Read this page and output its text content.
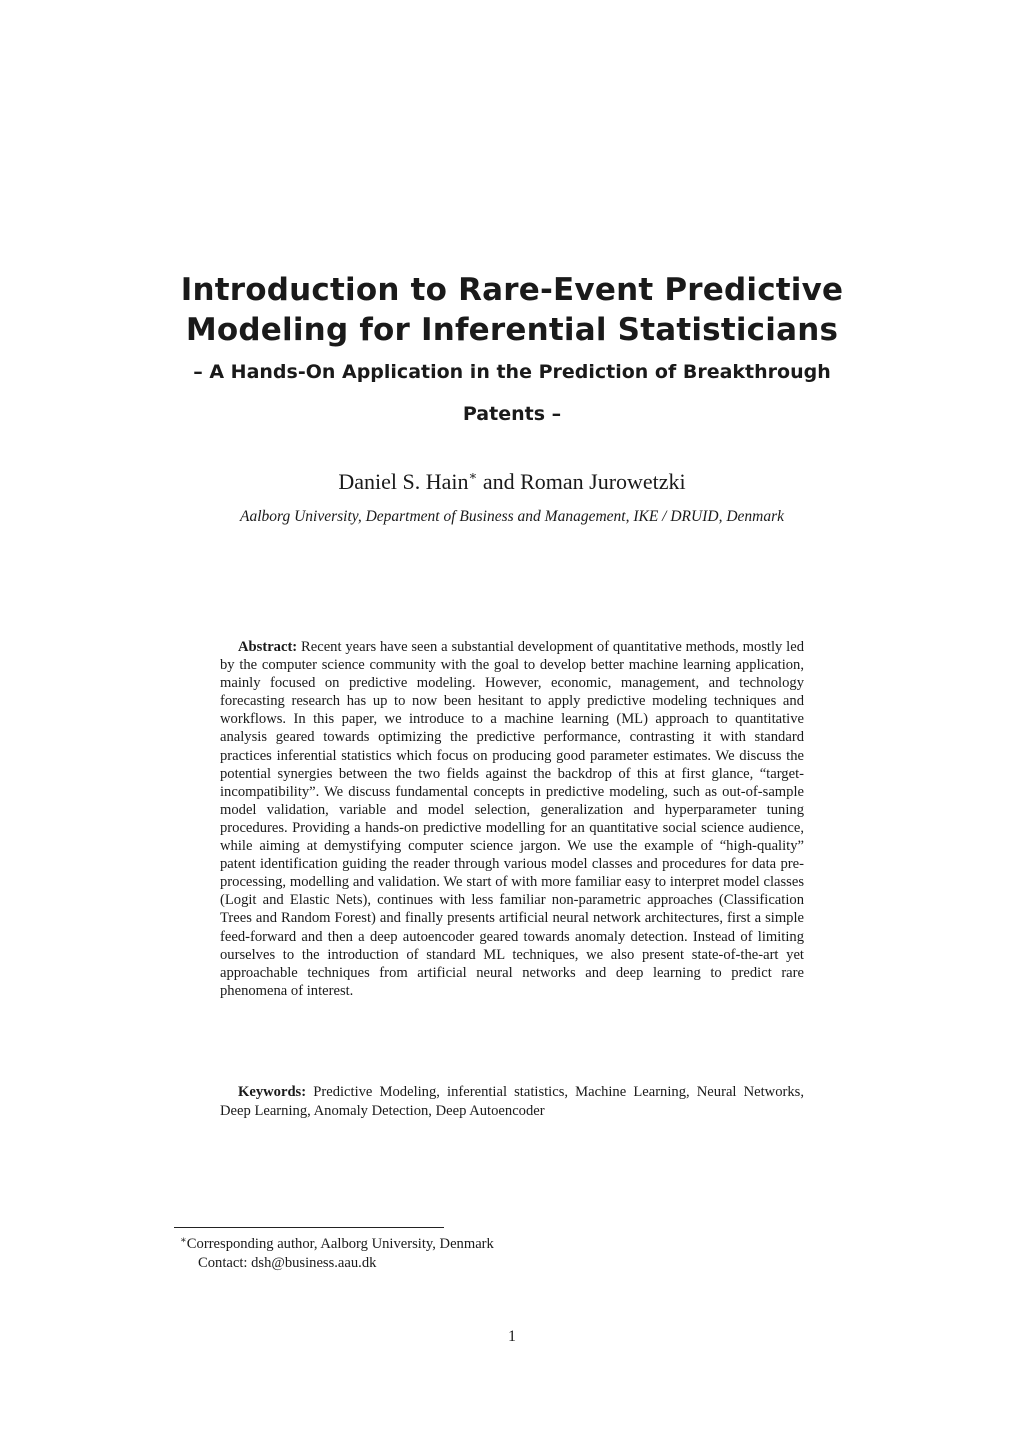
Introduction to Rare-Event Predictive
Modeling for Inferential Statisticians
– A Hands-On Application in the Prediction of Breakthrough
Patents –
Daniel S. Hain∗ and Roman Jurowetzki
Aalborg University, Department of Business and Management, IKE / DRUID, Denmark
Abstract: Recent years have seen a substantial development of quantitative methods, mostly led by the computer science community with the goal to develop better machine learning application, mainly focused on predictive modeling. However, economic, management, and technology forecasting research has up to now been hesitant to apply predictive modeling techniques and workflows. In this paper, we introduce to a machine learning (ML) approach to quantitative analysis geared towards optimizing the predictive performance, contrasting it with standard practices inferential statistics which focus on producing good parameter estimates. We discuss the potential synergies between the two fields against the backdrop of this at first glance, “target-incompatibility”. We discuss fundamental concepts in predictive modeling, such as out-of-sample model validation, variable and model selection, generalization and hyperparameter tuning procedures. Providing a hands-on predictive modelling for an quantitative social science audience, while aiming at demystifying computer science jargon. We use the example of “high-quality” patent identification guiding the reader through various model classes and procedures for data pre-processing, modelling and validation. We start of with more familiar easy to interpret model classes (Logit and Elastic Nets), continues with less familiar non-parametric approaches (Classification Trees and Random Forest) and finally presents artificial neural network architectures, first a simple feed-forward and then a deep autoencoder geared towards anomaly detection. Instead of limiting ourselves to the introduction of standard ML techniques, we also present state-of-the-art yet approachable techniques from artificial neural networks and deep learning to predict rare phenomena of interest.
Keywords: Predictive Modeling, inferential statistics, Machine Learning, Neural Networks, Deep Learning, Anomaly Detection, Deep Autoencoder
∗Corresponding author, Aalborg University, Denmark
Contact: dsh@business.aau.dk
1
